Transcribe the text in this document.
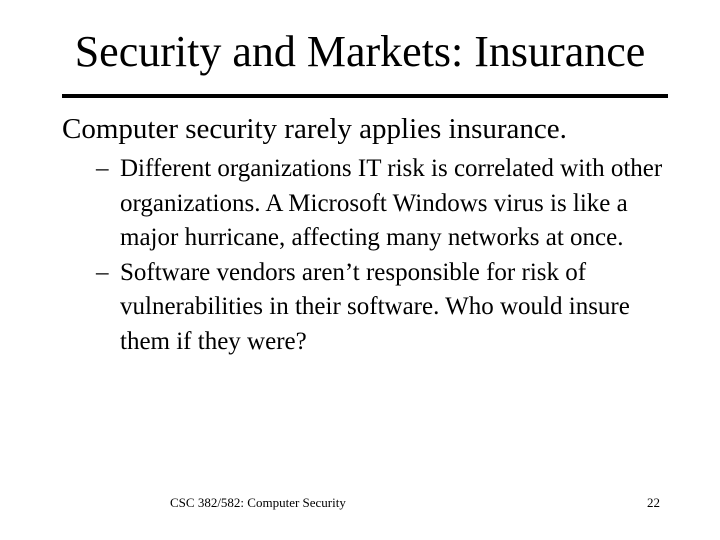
Security and Markets: Insurance
Computer security rarely applies insurance.
– Different organizations IT risk is correlated with other organizations. A Microsoft Windows virus is like a major hurricane, affecting many networks at once.
– Software vendors aren’t responsible for risk of vulnerabilities in their software. Who would insure them if they were?
CSC 382/582: Computer Security	22
